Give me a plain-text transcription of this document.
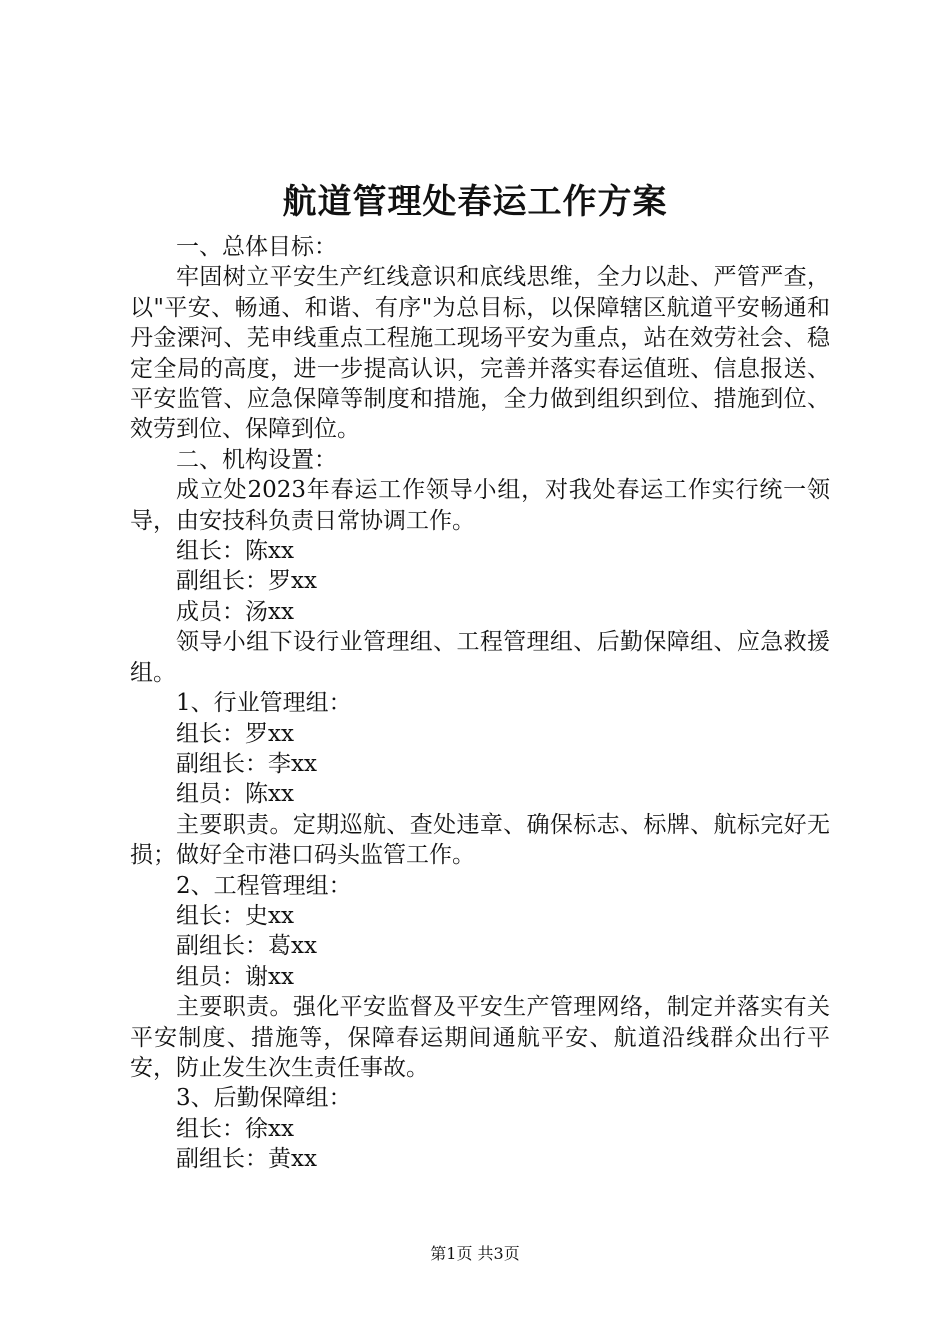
航道管理处春运工作方案

一、总体目标：

牢固树立平安生产红线意识和底线思维，全力以赴、严管严查，以"平安、畅通、和谐、有序"为总目标，以保障辖区航道平安畅通和丹金溧河、芜申线重点工程施工现场平安为重点，站在效劳社会、稳定全局的高度，进一步提高认识，完善并落实春运值班、信息报送、平安监管、应急保障等制度和措施，全力做到组织到位、措施到位、效劳到位、保障到位。

二、机构设置：

成立处2023年春运工作领导小组，对我处春运工作实行统一领导，由安技科负责日常协调工作。

组长：陈xx

副组长：罗xx

成员：汤xx

领导小组下设行业管理组、工程管理组、后勤保障组、应急救援组。

1、行业管理组：

组长：罗xx

副组长：李xx

组员：陈xx

主要职责。定期巡航、查处违章、确保标志、标牌、航标完好无损；做好全市港口码头监管工作。

2、工程管理组：

组长：史xx

副组长：葛xx

组员：谢xx

主要职责。强化平安监督及平安生产管理网络，制定并落实有关平安制度、措施等，保障春运期间通航平安、航道沿线群众出行平安，防止发生次生责任事故。

3、后勤保障组：

组长：徐xx

副组长：黄xx

第1页 共3页
